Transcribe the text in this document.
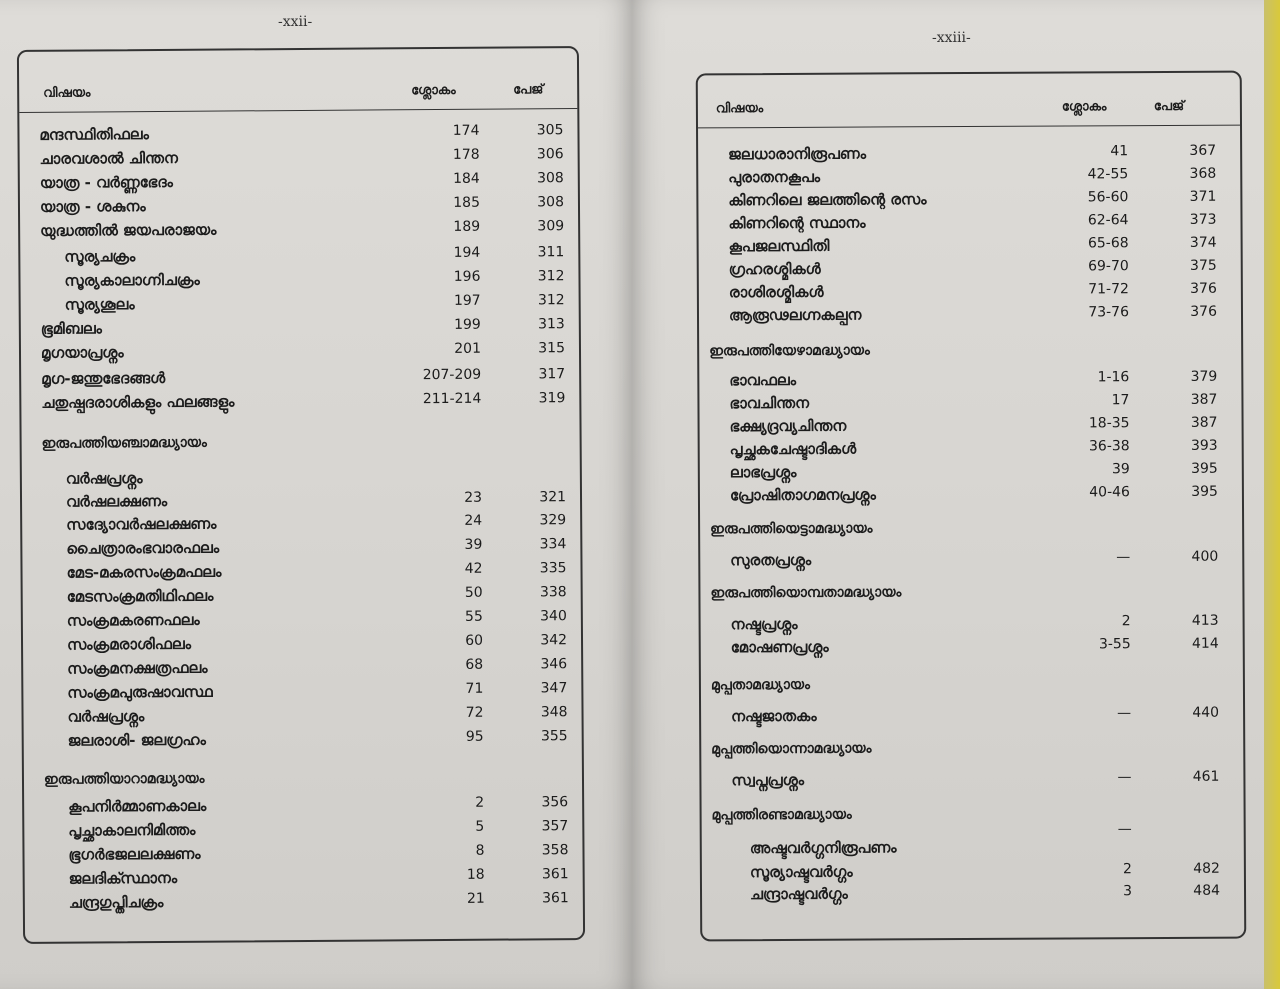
-xxii-
വിഷയം	ശ്ലോകം	പേജ്
മന്ദസ്ഥിതിഫലം	174	305
ചാരവശാൽ ചിന്തന	178	306
യാത്ര - വർണ്ണഭേദം	184	308
യാത്ര - ശകുനം	185	308
യുദ്ധത്തിൽ ജയപരാജയം	189	309
സൂര്യചക്രം	194	311
സൂര്യകാലാഗ്നിചക്രം	196	312
സൂര്യശൂലം	197	312
ഭൂമിബലം	199	313
മൃഗയാപ്രശ്നം	201	315
മൃഗ-ജന്തുഭേദങ്ങൾ	207-209	317
ചതുഷ്പദരാശികളും ഫലങ്ങളും	211-214	319
ഇരുപത്തിയഞ്ചാമദ്ധ്യായം
വർഷപ്രശ്നം
വർഷലക്ഷണം	23	321
സദ്യോവർഷലക്ഷണം	24	329
ചൈത്രാരംഭവാരഫലം	39	334
മേട-മകരസംക്രമഫലം	42	335
മേടസംക്രമതിഥിഫലം	50	338
സംക്രമകരണഫലം	55	340
സംക്രമരാശിഫലം	60	342
സംക്രമനക്ഷത്രഫലം	68	346
സംക്രമപുരുഷാവസ്ഥ	71	347
വർഷപ്രശ്നം	72	348
ജലരാശി- ജലഗ്രഹം	95	355
ഇരുപത്തിയാറാമദ്ധ്യായം
കൂപനിർമ്മാണകാലം	2	356
പൃച്ഛാകാലനിമിത്തം	5	357
ഭൂഗർഭജലലക്ഷണം	8	358
ജലദിക്സ്ഥാനം	18	361
ചന്ദ്രഗുപ്തിചക്രം	21	361
-xxiii-
വിഷയം	ശ്ലോകം	പേജ്
ജലധാരാനിരൂപണം	41	367
പുരാതനകൂപം	42-55	368
കിണറിലെ ജലത്തിന്റെ രസം	56-60	371
കിണറിന്റെ സ്ഥാനം	62-64	373
കൂപജലസ്ഥിതി	65-68	374
ഗ്രഹരശ്മികൾ	69-70	375
രാശിരശ്മികൾ	71-72	376
ആരൂഢലഗ്നകല്പന	73-76	376
ഇരുപത്തിയേഴാമദ്ധ്യായം
ഭാവഫലം	1-16	379
ഭാവചിന്തന	17	387
ഭക്ഷ്യദ്രവ്യചിന്തന	18-35	387
പൃച്ഛകചേഷ്ടാദികൾ	36-38	393
ലാഭപ്രശ്നം	39	395
പ്രോഷിതാഗമനപ്രശ്നം	40-46	395
ഇരുപത്തിയെട്ടാമദ്ധ്യായം
സുരതപ്രശ്നം	—	400
ഇരുപത്തിയൊമ്പതാമദ്ധ്യായം
നഷ്ടപ്രശ്നം	2	413
മോഷണപ്രശ്നം	3-55	414
മുപ്പതാമദ്ധ്യായം
നഷ്ടജാതകം	—	440
മുപ്പത്തിയൊന്നാമദ്ധ്യായം
സ്വപ്നപ്രശ്നം	—	461
മുപ്പത്തിരണ്ടാമദ്ധ്യായം
—
അഷ്ടവർഗ്ഗനിരൂപണം
സൂര്യാഷ്ടവർഗ്ഗം	2	482
ചന്ദ്രാഷ്ടവർഗ്ഗം	3	484
